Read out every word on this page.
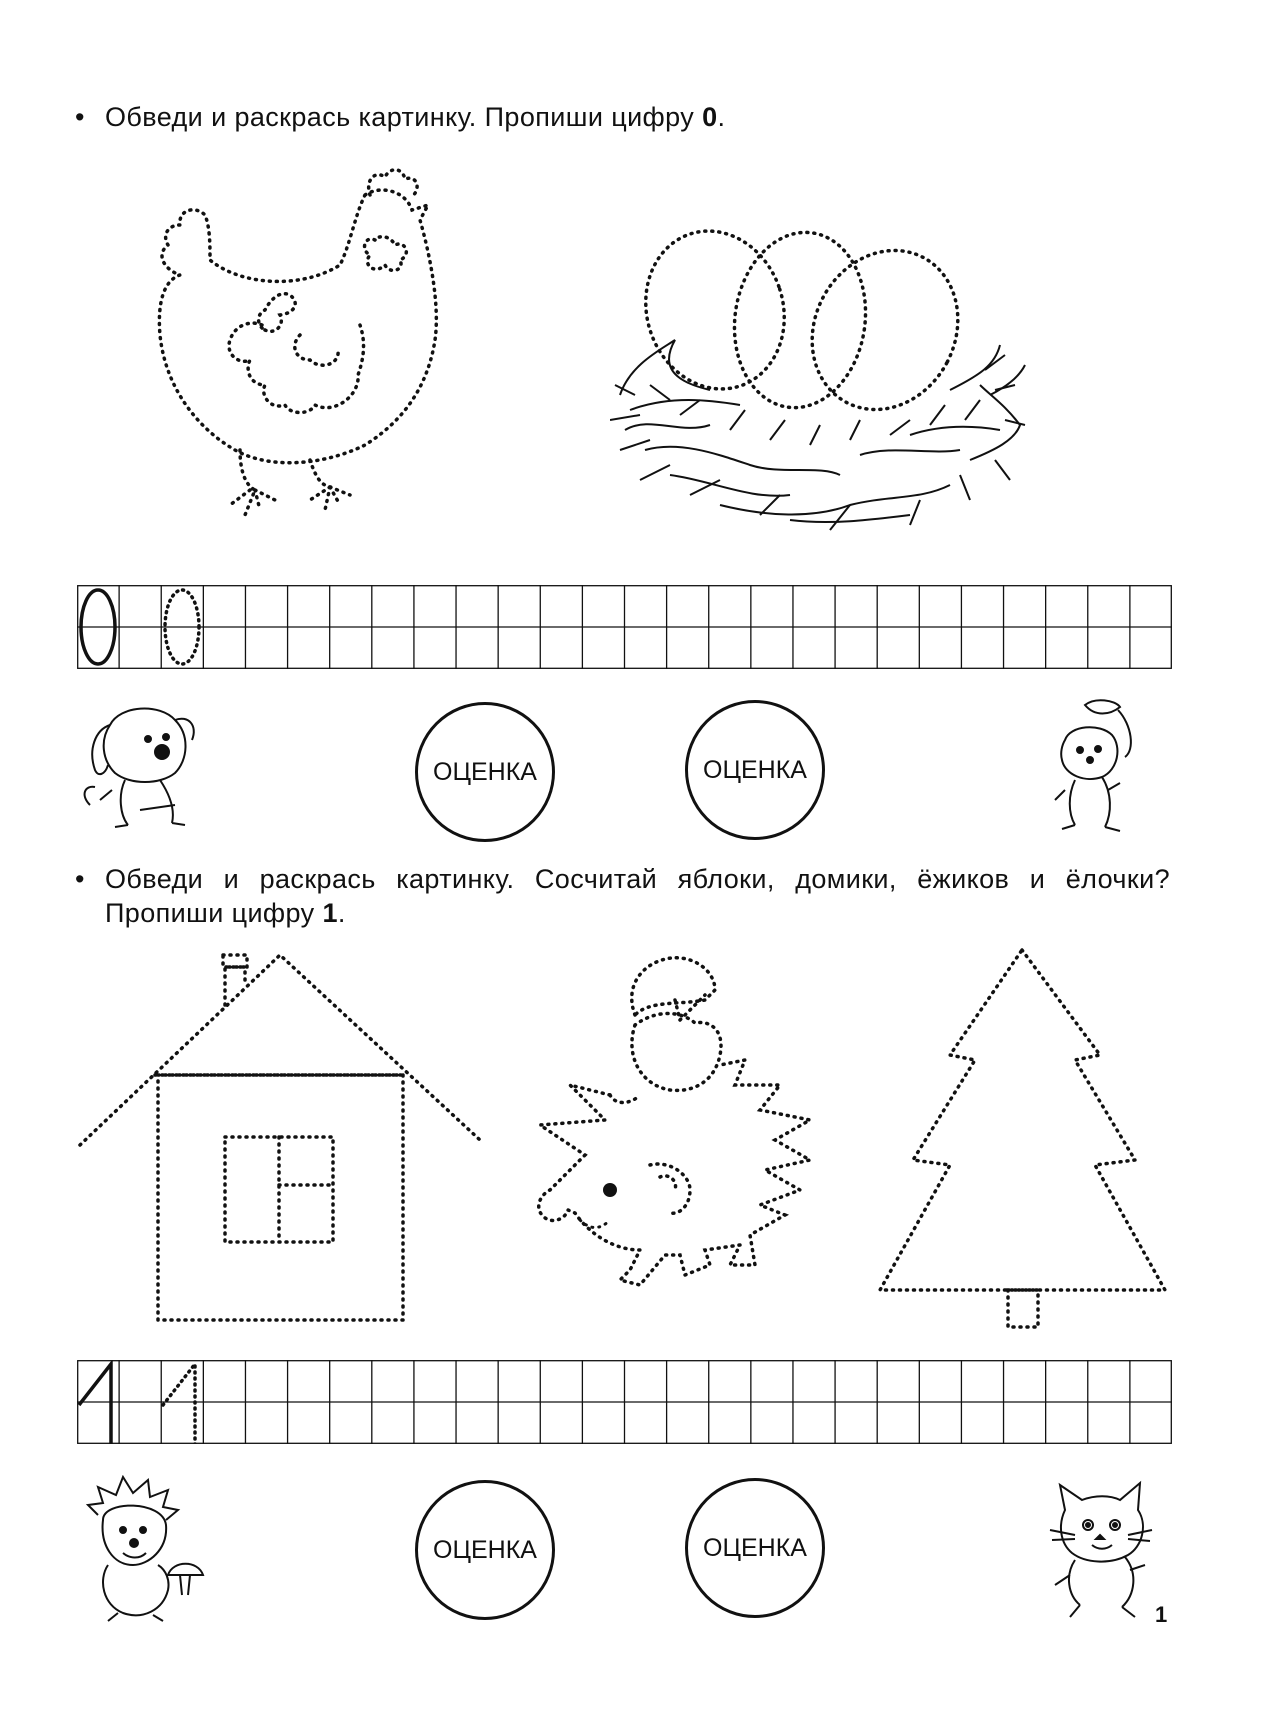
• Обведи и раскрась картинку. Пропиши цифру 0.
ОЦЕНКА	ОЦЕНКА
• Обведи и раскрась картинку. Сосчитай яблоки, домики, ёжиков и ёлочки? Пропиши цифру 1.
ОЦЕНКА	ОЦЕНКА
1
